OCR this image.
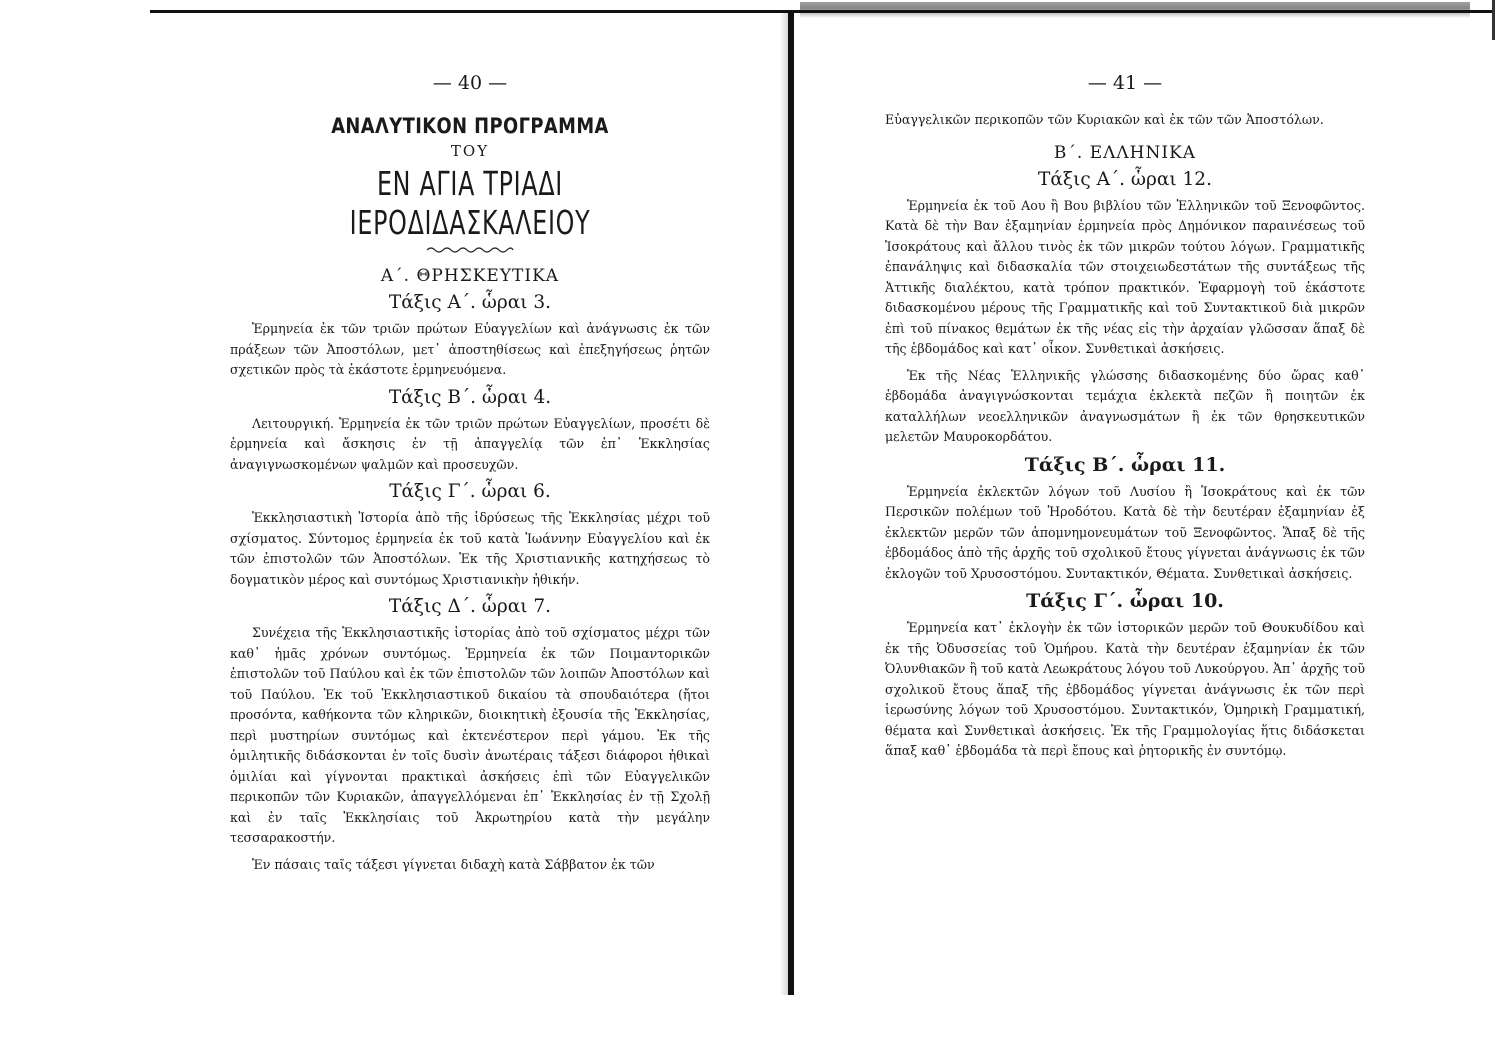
— 40 —
ΑΝΑΛΥΤΙΚΟΝ ΠΡΟΓΡΑΜΜΑ
ΤΟΥ
ΕΝ ΑΓΙΑ ΤΡΙΑΔΙ ΙΕΡΟΔΙΔΑΣΚΑΛΕΙΟΥ
Α΄. ΘΡΗΣΚΕΥΤΙΚΑ
Τάξις Α΄. ὧραι 3.

Ἑρμηνεία ἐκ τῶν τριῶν πρώτων Εὐαγγελίων καὶ ἀνάγνωσις ἐκ τῶν πράξεων τῶν Ἀποστόλων, μετ᾽ ἀποστηθίσεως καὶ ἐπεξηγήσεως ῥητῶν σχετικῶν πρὸς τὰ ἑκάστοτε ἑρμηνευόμενα.

Τάξις Β΄. ὧραι 4.

Λειτουργική. Ἑρμηνεία ἐκ τῶν τριῶν πρώτων Εὐαγγελίων, προσέτι δὲ ἑρμηνεία καὶ ἄσκησις ἐν τῇ ἀπαγγελίᾳ τῶν ἐπ᾽ Ἐκκλησίας ἀναγιγνωσκομένων ψαλμῶν καὶ προσευχῶν.

Τάξις Γ΄. ὧραι 6.

Ἐκκλησιαστικὴ Ἱστορία ἀπὸ τῆς ἱδρύσεως τῆς Ἐκκλησίας μέχρι τοῦ σχίσματος. Σύντομος ἑρμηνεία ἐκ τοῦ κατὰ Ἰωάννην Εὐαγγελίου καὶ ἐκ τῶν ἐπιστολῶν τῶν Ἀποστόλων. Ἐκ τῆς Χριστιανικῆς κατηχήσεως τὸ δογματικὸν μέρος καὶ συντόμως Χριστιανικὴν ἠθικήν.

Τάξις Δ΄. ὧραι 7.

Συνέχεια τῆς Ἐκκλησιαστικῆς ἱστορίας ἀπὸ τοῦ σχίσματος μέχρι τῶν καθ᾽ ἡμᾶς χρόνων συντόμως. Ἑρμηνεία ἐκ τῶν Ποιμαντορικῶν ἐπιστολῶν τοῦ Παύλου καὶ ἐκ τῶν ἐπιστολῶν τῶν λοιπῶν Ἀποστόλων καὶ τοῦ Παύλου. Ἐκ τοῦ Ἐκκλησιαστικοῦ δικαίου τὰ σπουδαιότερα (ἤτοι προσόντα, καθήκοντα τῶν κληρικῶν, διοικητικὴ ἐξουσία τῆς Ἐκκλησίας, περὶ μυστηρίων συντόμως καὶ ἐκτενέστερον περὶ γάμου. Ἐκ τῆς ὁμιλητικῆς διδάσκονται ἐν τοῖς δυσὶν ἀνωτέραις τάξεσι διάφοροι ἠθικαὶ ὁμιλίαι καὶ γίγνονται πρακτικαὶ ἀσκήσεις ἐπὶ τῶν Εὐαγγελικῶν περικοπῶν τῶν Κυριακῶν, ἀπαγγελλόμεναι ἐπ᾽ Ἐκκλησίας ἐν τῇ Σχολῇ καὶ ἐν ταῖς Ἐκκλησίαις τοῦ Ἀκρωτηρίου κατὰ τὴν μεγάλην τεσσαρακοστήν.

Ἐν πάσαις ταῖς τάξεσι γίγνεται διδαχὴ κατὰ Σάββατον ἐκ τῶν

— 41 —

Εὐαγγελικῶν περικοπῶν τῶν Κυριακῶν καὶ ἐκ τῶν τῶν Ἀποστόλων.

Β΄. ΕΛΛΗΝΙΚΑ
Τάξις Α΄. ὧραι 12.

Ἑρμηνεία ἐκ τοῦ Αου ἢ Βου βιβλίου τῶν Ἑλληνικῶν τοῦ Ξενοφῶντος. Κατὰ δὲ τὴν Βαν ἑξαμηνίαν ἑρμηνεία πρὸς Δημόνικον παραινέσεως τοῦ Ἰσοκράτους καὶ ἄλλου τινὸς ἐκ τῶν μικρῶν τούτου λόγων. Γραμματικῆς ἐπανάληψις καὶ διδασκαλία τῶν στοιχειωδεστάτων τῆς συντάξεως τῆς Ἀττικῆς διαλέκτου, κατὰ τρόπον πρακτικόν. Ἐφαρμογὴ τοῦ ἑκάστοτε διδασκομένου μέρους τῆς Γραμματικῆς καὶ τοῦ Συντακτικοῦ διὰ μικρῶν ἐπὶ τοῦ πίνακος θεμάτων ἐκ τῆς νέας εἰς τὴν ἀρχαίαν γλῶσσαν ἅπαξ δὲ τῆς ἑβδομάδος καὶ κατ᾽ οἶκον. Συνθετικαὶ ἀσκήσεις.

Ἐκ τῆς Νέας Ἑλληνικῆς γλώσσης διδασκομένης δύο ὥρας καθ᾽ ἑβδομάδα ἀναγιγνώσκονται τεμάχια ἐκλεκτὰ πεζῶν ἢ ποιητῶν ἐκ καταλλήλων νεοελληνικῶν ἀναγνωσμάτων ἢ ἐκ τῶν θρησκευτικῶν μελετῶν Μαυροκορδάτου.

Τάξις Β΄. ὧραι 11.

Ἑρμηνεία ἐκλεκτῶν λόγων τοῦ Λυσίου ἢ Ἰσοκράτους καὶ ἐκ τῶν Περσικῶν πολέμων τοῦ Ἡροδότου. Κατὰ δὲ τὴν δευτέραν ἑξαμηνίαν ἐξ ἐκλεκτῶν μερῶν τῶν ἀπομνημονευμάτων τοῦ Ξενοφῶντος. Ἅπαξ δὲ τῆς ἑβδομάδος ἀπὸ τῆς ἀρχῆς τοῦ σχολικοῦ ἔτους γίγνεται ἀνάγνωσις ἐκ τῶν ἐκλογῶν τοῦ Χρυσοστόμου. Συντακτικόν, Θέματα. Συνθετικαὶ ἀσκήσεις.

Τάξις Γ΄. ὧραι 10.

Ἑρμηνεία κατ᾽ ἐκλογὴν ἐκ τῶν ἱστορικῶν μερῶν τοῦ Θουκυδίδου καὶ ἐκ τῆς Ὀδυσσείας τοῦ Ὁμήρου. Κατὰ τὴν δευτέραν ἑξαμηνίαν ἐκ τῶν Ὀλυνθιακῶν ἢ τοῦ κατὰ Λεωκράτους λόγου τοῦ Λυκούργου. Ἀπ᾽ ἀρχῆς τοῦ σχολικοῦ ἔτους ἅπαξ τῆς ἑβδομάδος γίγνεται ἀνάγνωσις ἐκ τῶν περὶ ἱερωσύνης λόγων τοῦ Χρυσοστόμου. Συντακτικόν, Ὁμηρικὴ Γραμματική, θέματα καὶ Συνθετικαὶ ἀσκήσεις. Ἐκ τῆς Γραμμολογίας ἥτις διδάσκεται ἅπαξ καθ᾽ ἑβδομάδα τὰ περὶ ἔπους καὶ ῥητορικῆς ἐν συντόμῳ.
